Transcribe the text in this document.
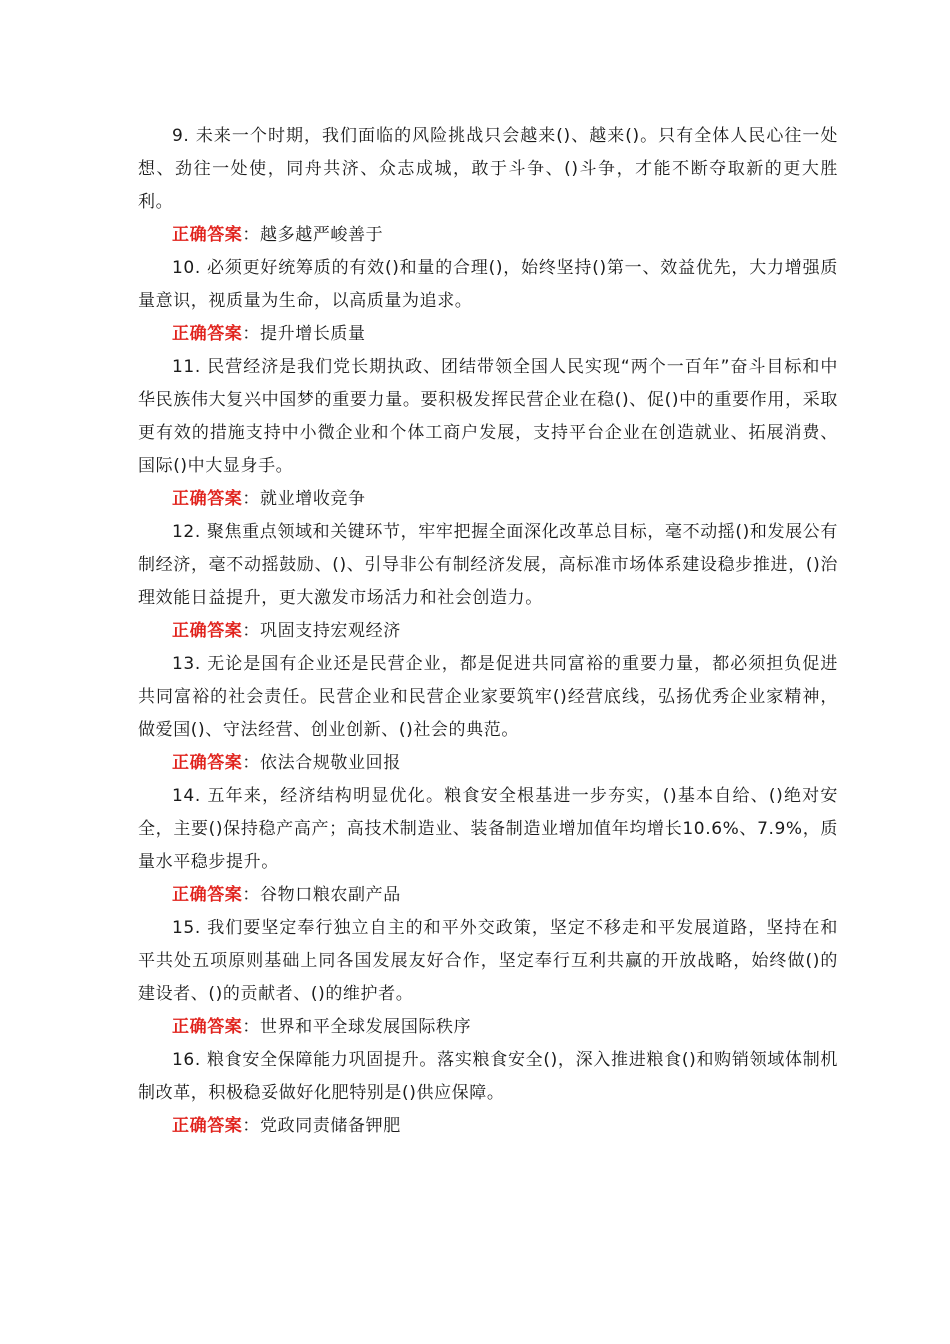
9. 未来一个时期，我们面临的风险挑战只会越来()、越来()。只有全体人民心往一处想、劲往一处使，同舟共济、众志成城，敢于斗争、()斗争，才能不断夺取新的更大胜利。

正确答案：越多越严峻善于

10. 必须更好统筹质的有效()和量的合理()，始终坚持()第一、效益优先，大力增强质量意识，视质量为生命，以高质量为追求。

正确答案：提升增长质量

11. 民营经济是我们党长期执政、团结带领全国人民实现“两个一百年”奋斗目标和中华民族伟大复兴中国梦的重要力量。要积极发挥民营企业在稳()、促()中的重要作用，采取更有效的措施支持中小微企业和个体工商户发展，支持平台企业在创造就业、拓展消费、国际()中大显身手。

正确答案：就业增收竞争

12. 聚焦重点领域和关键环节，牢牢把握全面深化改革总目标，毫不动摇()和发展公有制经济，毫不动摇鼓励、()、引导非公有制经济发展，高标准市场体系建设稳步推进，()治理效能日益提升，更大激发市场活力和社会创造力。

正确答案：巩固支持宏观经济

13. 无论是国有企业还是民营企业，都是促进共同富裕的重要力量，都必须担负促进共同富裕的社会责任。民营企业和民营企业家要筑牢()经营底线，弘扬优秀企业家精神，做爱国()、守法经营、创业创新、()社会的典范。

正确答案：依法合规敬业回报

14. 五年来，经济结构明显优化。粮食安全根基进一步夯实，()基本自给、()绝对安全，主要()保持稳产高产；高技术制造业、装备制造业增加值年均增长10.6%、7.9%，质量水平稳步提升。

正确答案：谷物口粮农副产品

15. 我们要坚定奉行独立自主的和平外交政策，坚定不移走和平发展道路，坚持在和平共处五项原则基础上同各国发展友好合作，坚定奉行互利共赢的开放战略，始终做()的建设者、()的贡献者、()的维护者。

正确答案：世界和平全球发展国际秩序

16. 粮食安全保障能力巩固提升。落实粮食安全()，深入推进粮食()和购销领域体制机制改革，积极稳妥做好化肥特别是()供应保障。

正确答案：党政同责储备钾肥
